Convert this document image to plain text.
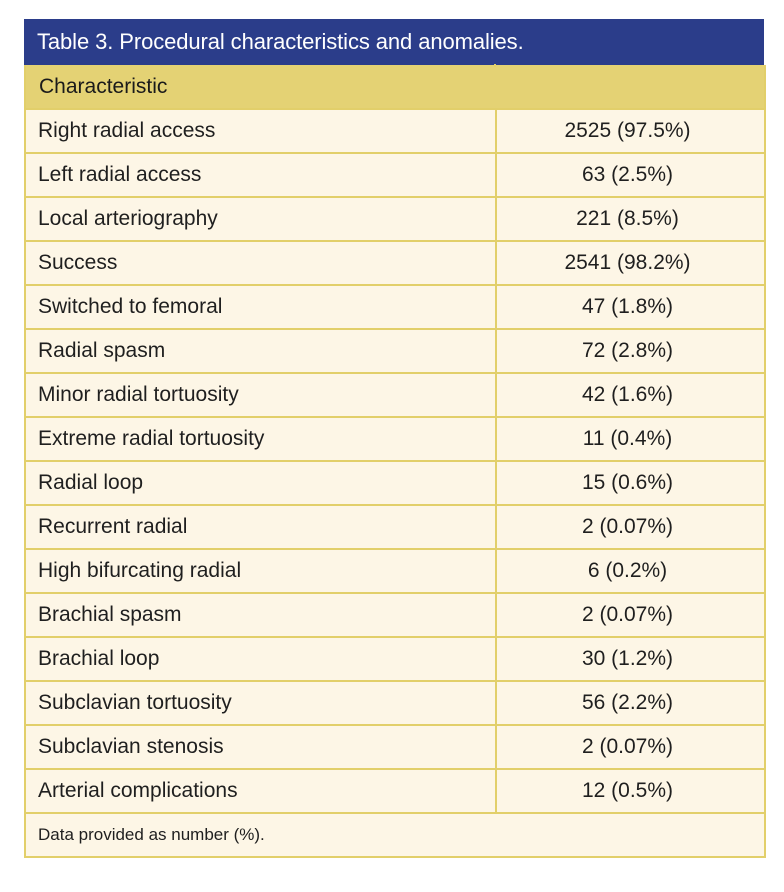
Table 3. Procedural characteristics and anomalies.
Characteristic	
Right radial access	2525 (97.5%)
Left radial access	63 (2.5%)
Local arteriography	221 (8.5%)
Success	2541 (98.2%)
Switched to femoral	47 (1.8%)
Radial spasm	72 (2.8%)
Minor radial tortuosity	42 (1.6%)
Extreme radial tortuosity	11 (0.4%)
Radial loop	15 (0.6%)
Recurrent radial	2 (0.07%)
High bifurcating radial	6 (0.2%)
Brachial spasm	2 (0.07%)
Brachial loop	30 (1.2%)
Subclavian tortuosity	56 (2.2%)
Subclavian stenosis	2 (0.07%)
Arterial complications	12 (0.5%)
Data provided as number (%).	
